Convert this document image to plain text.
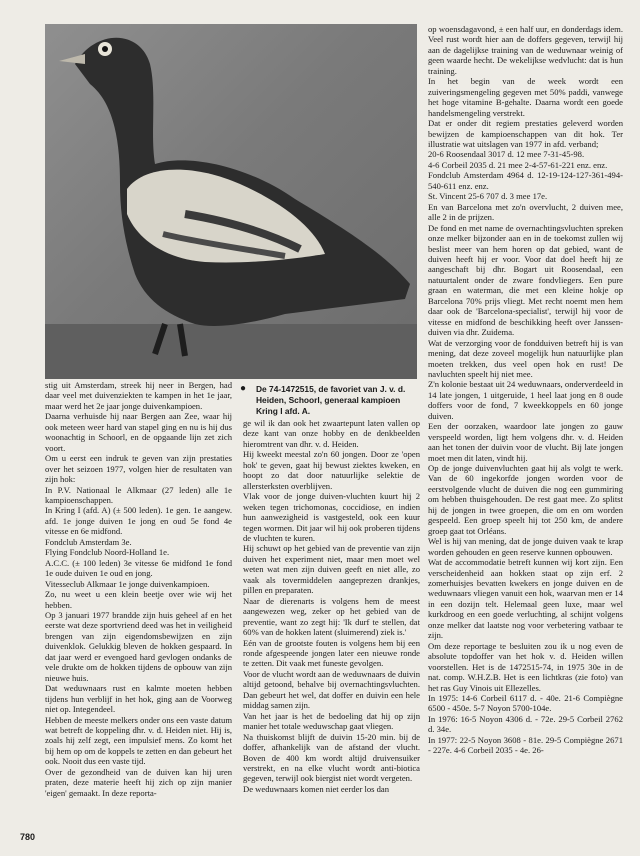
●	De 74-1472515, de favoriet van J. v. d. Heiden, Schoorl, generaal kampioen Kring I afd. A.

stig uit Amsterdam, streek hij neer in Bergen, had daar veel met duivenziekten te kampen in het 1e jaar, maar werd het 2e jaar jonge duivenkampioen.

Daarna verhuisde hij naar Bergen aan Zee, waar hij ook meteen weer hard van stapel ging en nu is hij dus woonachtig in Schoorl, en de opgaande lijn zet zich voort.

Om u eerst een indruk te geven van zijn prestaties over het seizoen 1977, volgen hier de resultaten van zijn hok:

In P.V. Nationaal le Alkmaar (27 leden) alle 1e kampioenschappen.

In Kring I (afd. A) (± 500 leden). 1e gen. 1e aangew. afd. 1e jonge duiven 1e jong en oud 5e fond 4e vitesse en 6e midfond.

Fondclub Amsterdam 3e.

Flying Fondclub Noord-Holland 1e.

A.C.C. (± 100 leden) 3e vitesse 6e midfond 1e fond 1e oude duiven 1e oud en jong.

Vitesseclub Alkmaar 1e jonge duivenkampioen.

Zo, nu weet u een klein beetje over wie wij het hebben.

Op 3 januari 1977 brandde zijn huis geheel af en het eerste wat deze sportvriend deed was het in veiligheid brengen van zijn eigendomsbewijzen en zijn duivenklok. Gelukkig bleven de hokken gespaard. In dat jaar werd er evengoed hard gevlogen ondanks de vele drukte om de hokken tijdens de opbouw van zijn nieuwe huis.

Dat weduwnaars rust en kalmte moeten hebben tijdens hun verblijf in het hok, ging aan de Voorweg niet op. Integendeel.

Hebben de meeste melkers onder ons een vaste datum wat betreft de koppeling dhr. v. d. Heiden niet. Hij is, zoals hij zelf zegt, een impulsief mens. Zo komt het bij hem op om de koppels te zetten en dan gebeurt het ook. Nooit dus een vaste tijd.

Over de gezondheid van de duiven kan hij uren praten, deze materie heeft hij zich op zijn manier 'eigen' gemaakt. In deze reporta-

ge wil ik dan ook het zwaartepunt laten vallen op deze kant van onze hobby en de denkbeelden hieromtrent van dhr. v. d. Heiden.

Hij kweekt meestal zo'n 60 jongen. Door ze 'open hok' te geven, gaat hij bewust ziektes kweken, en hoopt zo dat door natuurlijke selektie de allersterksten overblijven.

Vlak voor de jonge duiven-vluchten kuurt hij 2 weken tegen trichomonas, coccidiose, en indien hun aanwezigheid is vastgesteld, ook een kuur tegen wormen. Dit jaar wil hij ook proberen tijdens de vluchten te kuren.

Hij schuwt op het gebied van de preventie van zijn duiven het experiment niet, maar men moet wel weten wat men zijn duiven geeft en niet alle, zo vaak als tovermiddelen aangeprezen drankjes, pillen en preparaten.

Naar de dierenarts is volgens hem de meest aangewezen weg, zeker op het gebied van de preventie, want zo zegt hij: 'Ik durf te stellen, dat 60% van de hokken latent (sluimerend) ziek is.'

Eén van de grootste fouten is volgens hem bij een ronde afgespeende jongen later een nieuwe ronde te zetten. Dit vaak met funeste gevolgen.

Voor de vlucht wordt aan de weduwnaars de duivin altijd getoond, behalve bij overnachtingsvluchten. Dan gebeurt het wel, dat doffer en duivin een hele middag samen zijn.

Van het jaar is het de bedoeling dat hij op zijn manier het totale weduwschap gaat vliegen.

Na thuiskomst blijft de duivin 15-20 min. bij de doffer, afhankelijk van de afstand der vlucht. Boven de 400 km wordt altijd druivensuiker verstrekt, en na elke vlucht wordt anti-biotica gegeven, terwijl ook biergist niet wordt vergeten.

De weduwnaars komen niet eerder los dan

op woensdagavond, ± een half uur, en donderdags idem. Veel rust wordt hier aan de doffers gegeven, terwijl hij aan de dagelijkse training van de weduwnaar weinig of geen waarde hecht. De wekelijkse wedvlucht: dat is hun training.

In het begin van de week wordt een zuiveringsmengeling gegeven met 50% paddi, vanwege het hoge vitamine B-gehalte. Daarna wordt een goede handelsmengeling verstrekt.

Dat er onder dit regiem prestaties geleverd worden bewijzen de kampioenschappen van dit hok. Ter illustratie wat uitslagen van 1977 in afd. verband;

20-6 Roosendaal 3017 d. 12 mee 7-31-45-98.

4-6 Corbeil 2035 d. 21 mee 2-4-57-61-221 enz. enz.

Fondclub Amsterdam 4964 d. 12-19-124-127-361-494-540-611 enz. enz.

St. Vincent 25-6 707 d. 3 mee 17e.

En van Barcelona met zo'n overvlucht, 2 duiven mee, alle 2 in de prijzen.

De fond en met name de overnachtingsvluchten spreken onze melker bijzonder aan en in de toekomst zullen wij beslist meer van hem horen op dat gebied, want de duiven heeft hij er voor. Voor dat doel heeft hij ze aangeschaft bij dhr. Bogart uit Roosendaal, een natuurtalent onder de zware fondvliegers. Een pure graan en waterman, die met een kleine hokje op Barcelona 70% prijs vliegt. Met recht noemt men hem daar ook de 'Barcelona-specialist', terwijl hij voor de vitesse en midfond de beschikking heeft over Janssen-duiven via dhr. Zuidema.

Wat de verzorging voor de fondduiven betreft hij is van mening, dat deze zoveel mogelijk hun natuurlijke plan moeten trekken, dus veel open hok en rust! De navluchten speelt hij niet mee.

Z'n kolonie bestaat uit 24 weduwnaars, onderverdeeld in 14 late jongen, 1 uitgeruide, 1 heel laat jong en 8 oude doffers voor de fond, 7 kweekkoppels en 60 jonge duiven.

Een der oorzaken, waardoor late jongen zo gauw verspeeld worden, ligt hem volgens dhr. v. d. Heiden aan het tonen der duivin voor de vlucht. Bij late jongen moet men dit laten, vindt hij.

Op de jonge duivenvluchten gaat hij als volgt te werk. Van de 60 ingekorfde jongen worden voor de eerstvolgende vlucht de duiven die nog een gummiring om hebben thuisgehouden. De rest gaat mee. Zo splitst hij de jongen in twee groepen, die om en om worden gespeeld. Een groep speelt hij tot 250 km, de andere groep gaat tot Orléans.

Wel is hij van mening, dat de jonge duiven vaak te krap worden gehouden en geen reserve kunnen opbouwen.

Wat de accommodatie betreft kunnen wij kort zijn. Een verscheidenheid aan hokken staat op zijn erf. 2 zomerhuisjes bevatten kwekers en jonge duiven en de weduwnaars vliegen vanuit een hok, waarvan men er 14 in een dozijn telt. Helemaal geen luxe, maar wel kurkdroog en een goede verluchting, al schijnt volgens onze melker dat laatste nog voor verbetering vatbaar te zijn.

Om deze reportage te besluiten zou ik u nog even de absolute topdoffer van het hok v. d. Heiden willen voorstellen. Het is de 1472515-74, in 1975 30e in de nat. comp. W.H.Z.B. Het is een lichtkras (zie foto) van het ras Guy Vinois uit Ellezelles.

In 1975: 14-6 Corbeil 6117 d. - 40e. 21-6 Compiègne 6500 - 450e. 5-7 Noyon 5700-104e.

In 1976: 16-5 Noyon 4306 d. - 72e. 29-5 Corbeil 2762 d. 34e.

In 1977: 22-5 Noyon 3608 - 81e. 29-5 Compiègne 2671 - 227e. 4-6 Corbeil 2035 - 4e. 26-

780
